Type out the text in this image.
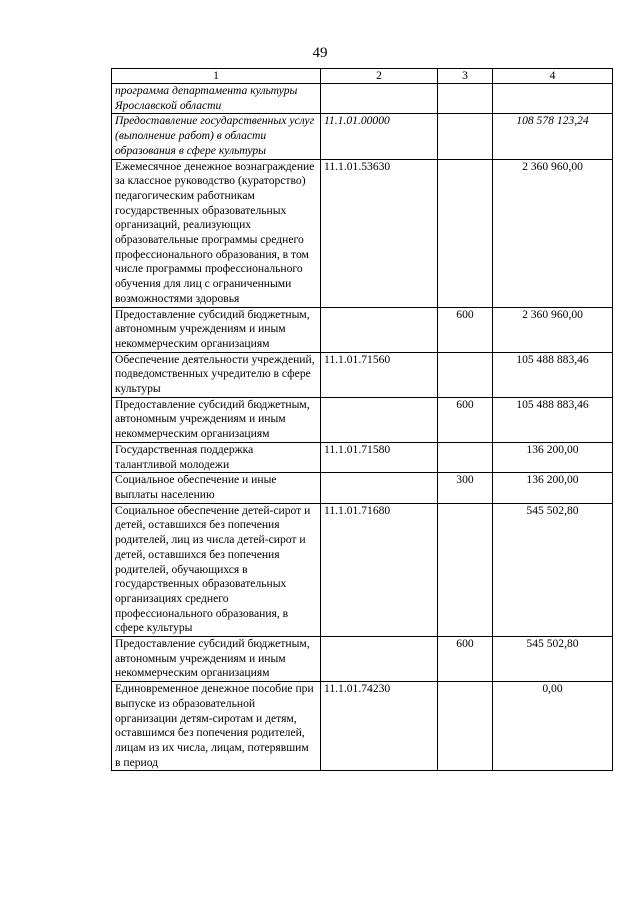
49
1	2	3	4
программа департамента культуры Ярославской области			
Предоставление государственных услуг (выполнение работ) в области образования в сфере культуры	11.1.01.00000		108 578 123,24
Ежемесячное денежное вознаграждение за классное руководство (кураторство) педагогическим работникам государственных образовательных организаций, реализующих образовательные программы среднего профессионального образования, в том числе программы профессионального обучения для лиц с ограниченными возможностями здоровья	11.1.01.53630		2 360 960,00
Предоставление субсидий бюджетным, автономным учреждениям и иным некоммерческим организациям		600	2 360 960,00
Обеспечение деятельности учреждений, подведомственных учредителю в сфере культуры	11.1.01.71560		105 488 883,46
Предоставление субсидий бюджетным, автономным учреждениям и иным некоммерческим организациям		600	105 488 883,46
Государственная поддержка талантливой молодежи	11.1.01.71580		136 200,00
Социальное обеспечение и иные выплаты населению		300	136 200,00
Социальное обеспечение детей-сирот и детей, оставшихся без попечения родителей, лиц из числа детей-сирот и детей, оставшихся без попечения родителей, обучающихся в государственных образовательных организациях среднего профессионального образования, в сфере культуры	11.1.01.71680		545 502,80
Предоставление субсидий бюджетным, автономным учреждениям и иным некоммерческим организациям		600	545 502,80
Единовременное денежное пособие при выпуске из образовательной организации детям-сиротам и детям, оставшимся без попечения родителей, лицам из их числа, лицам, потерявшим в период	11.1.01.74230		0,00
